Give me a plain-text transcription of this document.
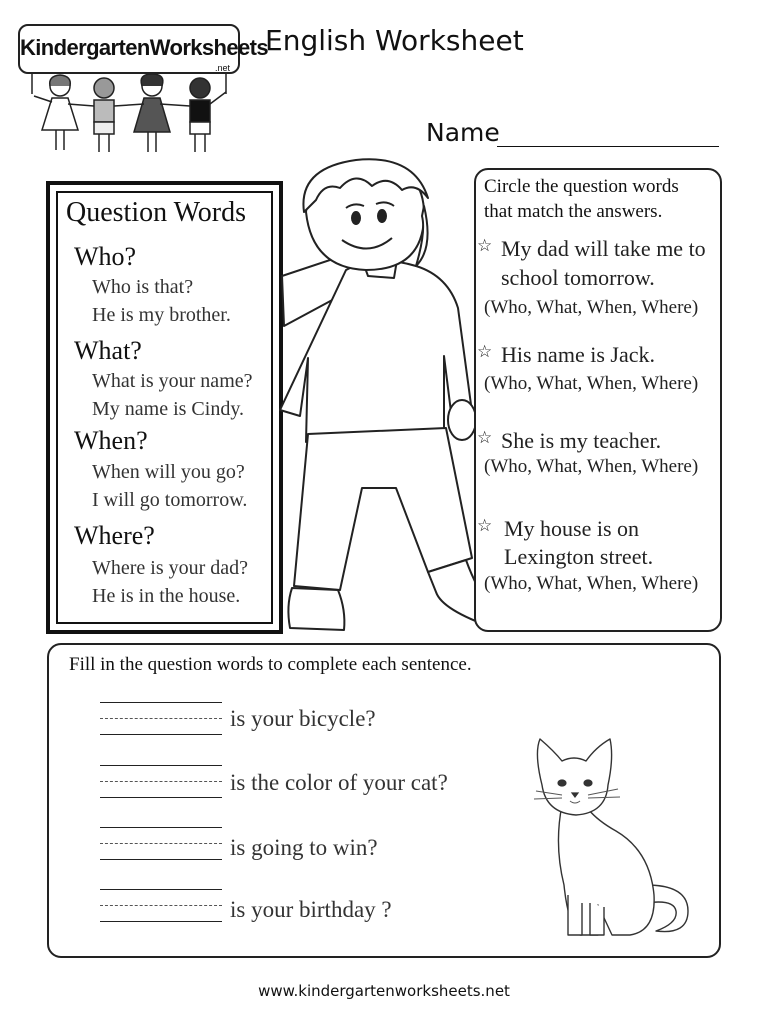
KindergartenWorksheets
.net
English Worksheet
Name
Question Words
Who?
Who is that?
He is my brother.
What?
What is your name?
My name is Cindy.
When?
When will you go?
I will go tomorrow.
Where?
Where is your dad?
He is in the house.
Circle the question words
that match the answers.
☆ My dad will take me to
school tomorrow.
(Who, What, When, Where)
☆ His name is Jack.
(Who, What, When, Where)
☆ She is my teacher.
(Who, What, When, Where)
☆ My house is on
Lexington street.
(Who, What, When, Where)
Fill in the question words to complete each sentence.
is your bicycle?
is the color of your cat?
is going to win?
is your birthday ?
www.kindergartenworksheets.net
